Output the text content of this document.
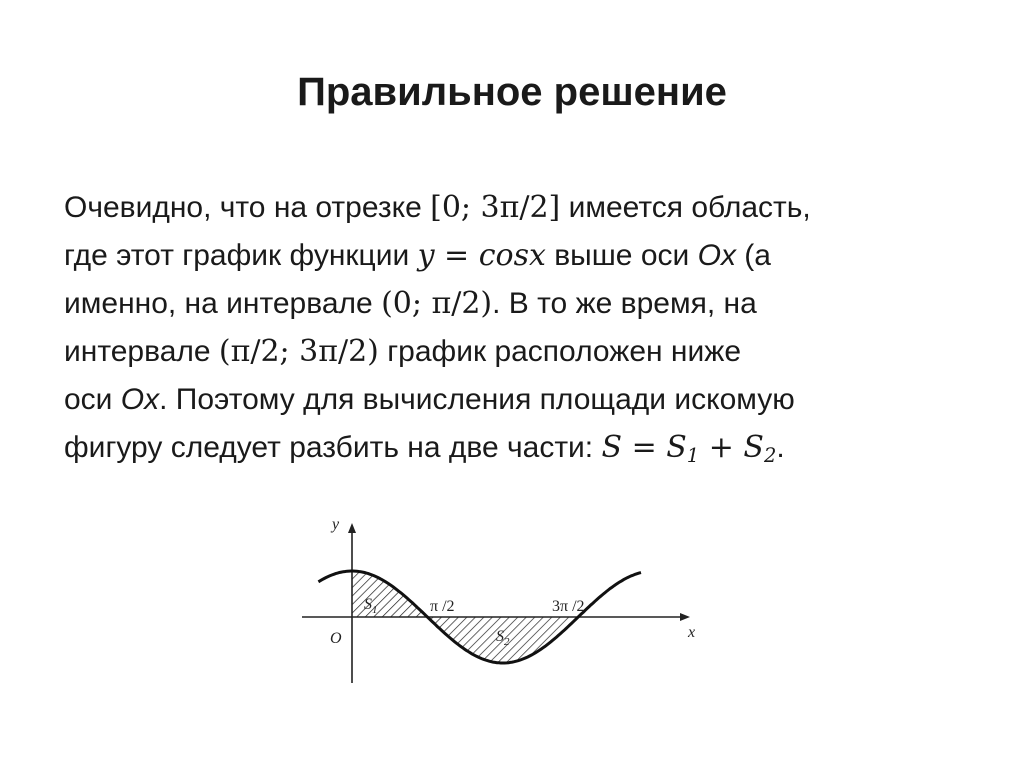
Правильное решение
Очевидно, что на отрезке [0; 3π/2] имеется область,
где этот график функции y = cosx выше оси Ox (а
именно, на интервале (0; π/2). В то же время, на
интервале (π/2; 3π/2) график расположен ниже
оси Ox. Поэтому для вычисления площади искомую
фигуру следует разбить на две части: $S = S_1 + S_2$.
y
x
O
π /2	3π /2
$S_1$
$S_2$
